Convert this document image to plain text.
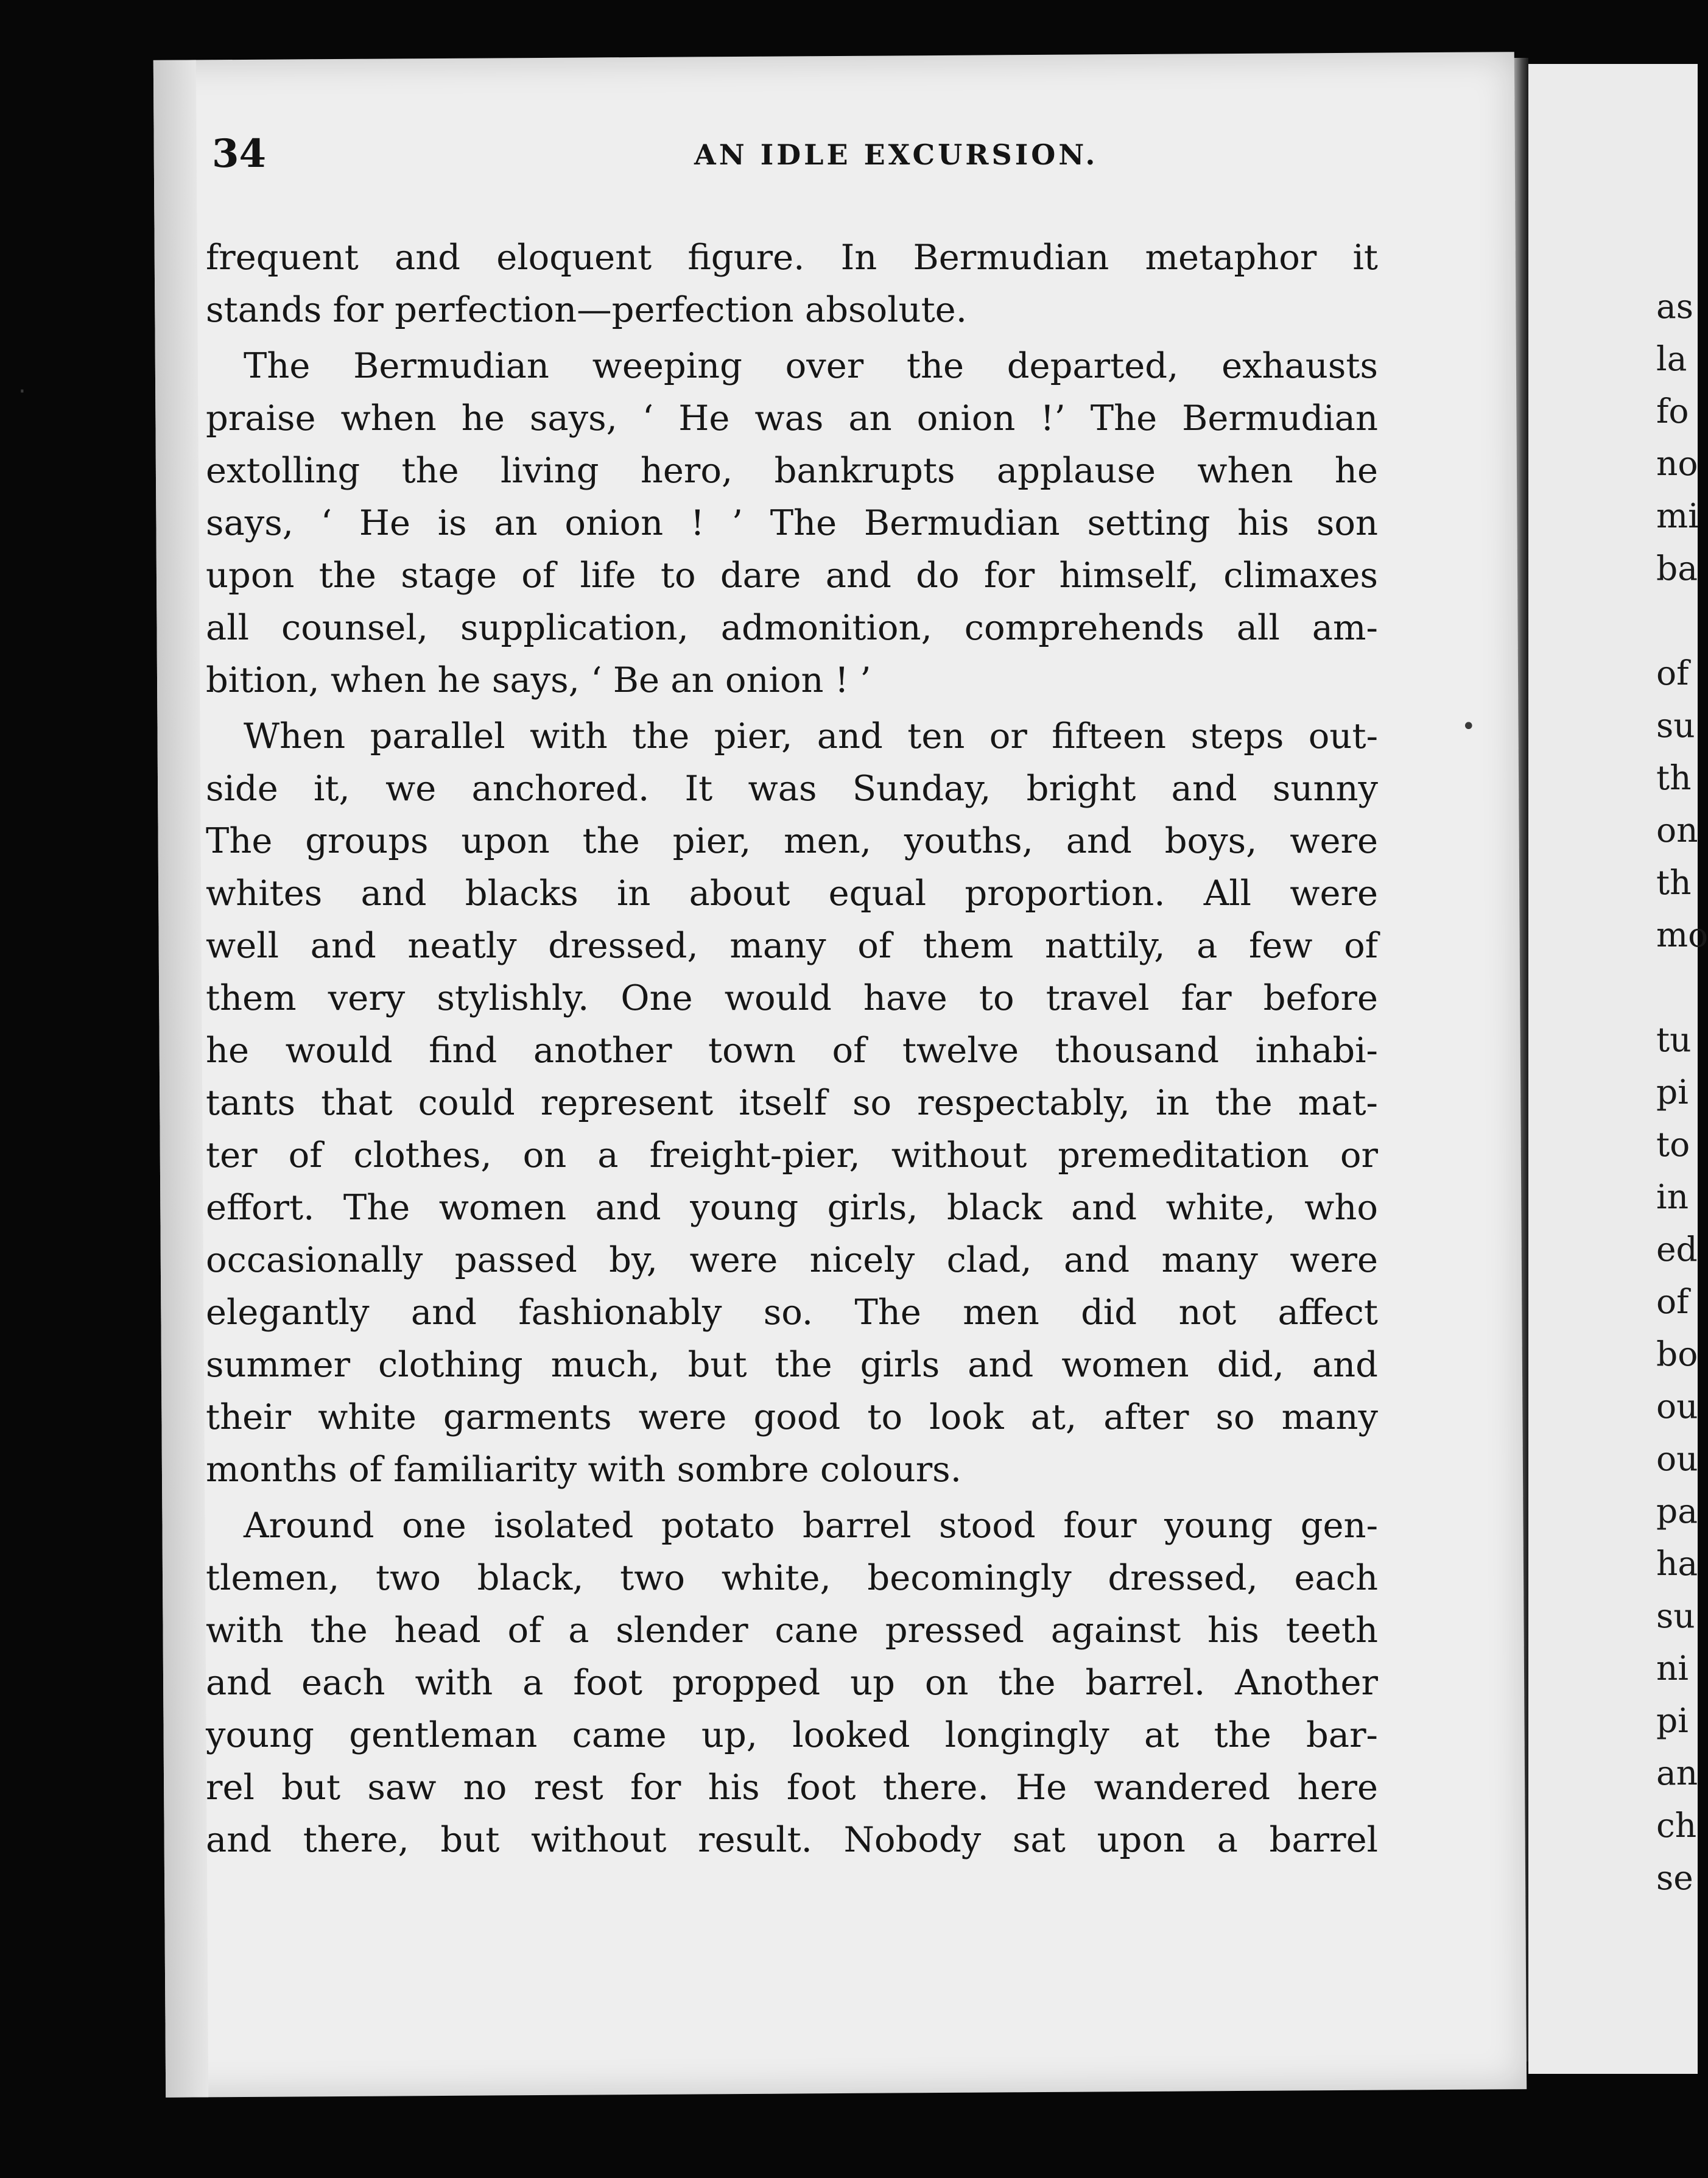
34	AN IDLE EXCURSION.

frequent and eloquent figure. In Bermudian metaphor it
stands for perfection—perfection absolute.
The Bermudian weeping over the departed, exhausts
praise when he says, ‘ He was an onion !’ The Bermudian
extolling the living hero, bankrupts applause when he
says, ‘ He is an onion ! ’ The Bermudian setting his son
upon the stage of life to dare and do for himself, climaxes
all counsel, supplication, admonition, comprehends all am-
bition, when he says, ‘ Be an onion ! ’
When parallel with the pier, and ten or fifteen steps out-
side it, we anchored. It was Sunday, bright and sunny
The groups upon the pier, men, youths, and boys, were
whites and blacks in about equal proportion. All were
well and neatly dressed, many of them nattily, a few of
them very stylishly. One would have to travel far before
he would find another town of twelve thousand inhabi-
tants that could represent itself so respectably, in the mat-
ter of clothes, on a freight-pier, without premeditation or
effort. The women and young girls, black and white, who
occasionally passed by, were nicely clad, and many were
elegantly and fashionably so. The men did not affect
summer clothing much, but the girls and women did, and
their white garments were good to look at, after so many
months of familiarity with sombre colours.
Around one isolated potato barrel stood four young gen-
tlemen, two black, two white, becomingly dressed, each
with the head of a slender cane pressed against his teeth
and each with a foot propped up on the barrel. Another
young gentleman came up, looked longingly at the bar-
rel but saw no rest for his foot there. He wandered here
and there, but without result. Nobody sat upon a barrel
as
la
fo
no
mi
ba
of
su
th
on
th
mo
tu
pi
to
in
ed
of
bo
ou
ou
pa
ha
su
ni
pi
an
ch
se
·
•
